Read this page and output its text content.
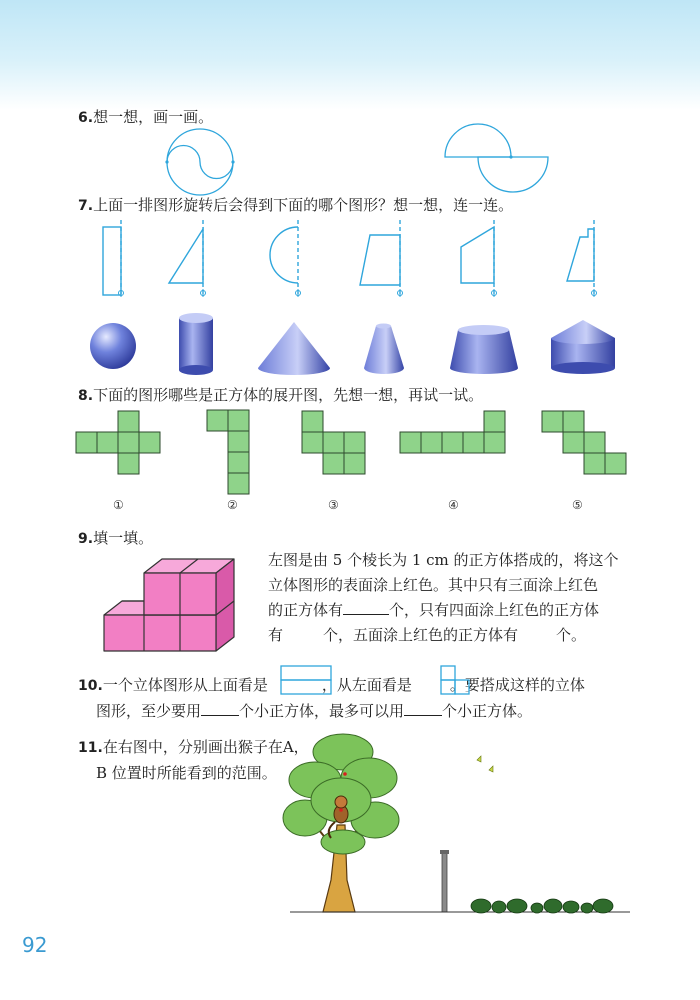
6.想一想，画一画。
7.上面一排图形旋转后会得到下面的哪个图形？想一想，连一连。
8.下面的图形哪些是正方体的展开图，先想一想，再试一试。
①	②	③	④	⑤
9.填一填。
左图是由 5 个棱长为 1 cm 的正方体搭成的，将这个
立体图形的表面涂上红色。其中只有三面涂上红色
的正方体有	个，只有四面涂上红色的正方体
有	个，五面涂上红色的正方体有	个。
10.一个立体图形从上面看是	，从左面看是	。要搭成这样的立体
图形，至少要用	个小正方体，最多可以用	个小正方体。
11.在右图中，分别画出猴子在A，
B 位置时所能看到的范围。
92
